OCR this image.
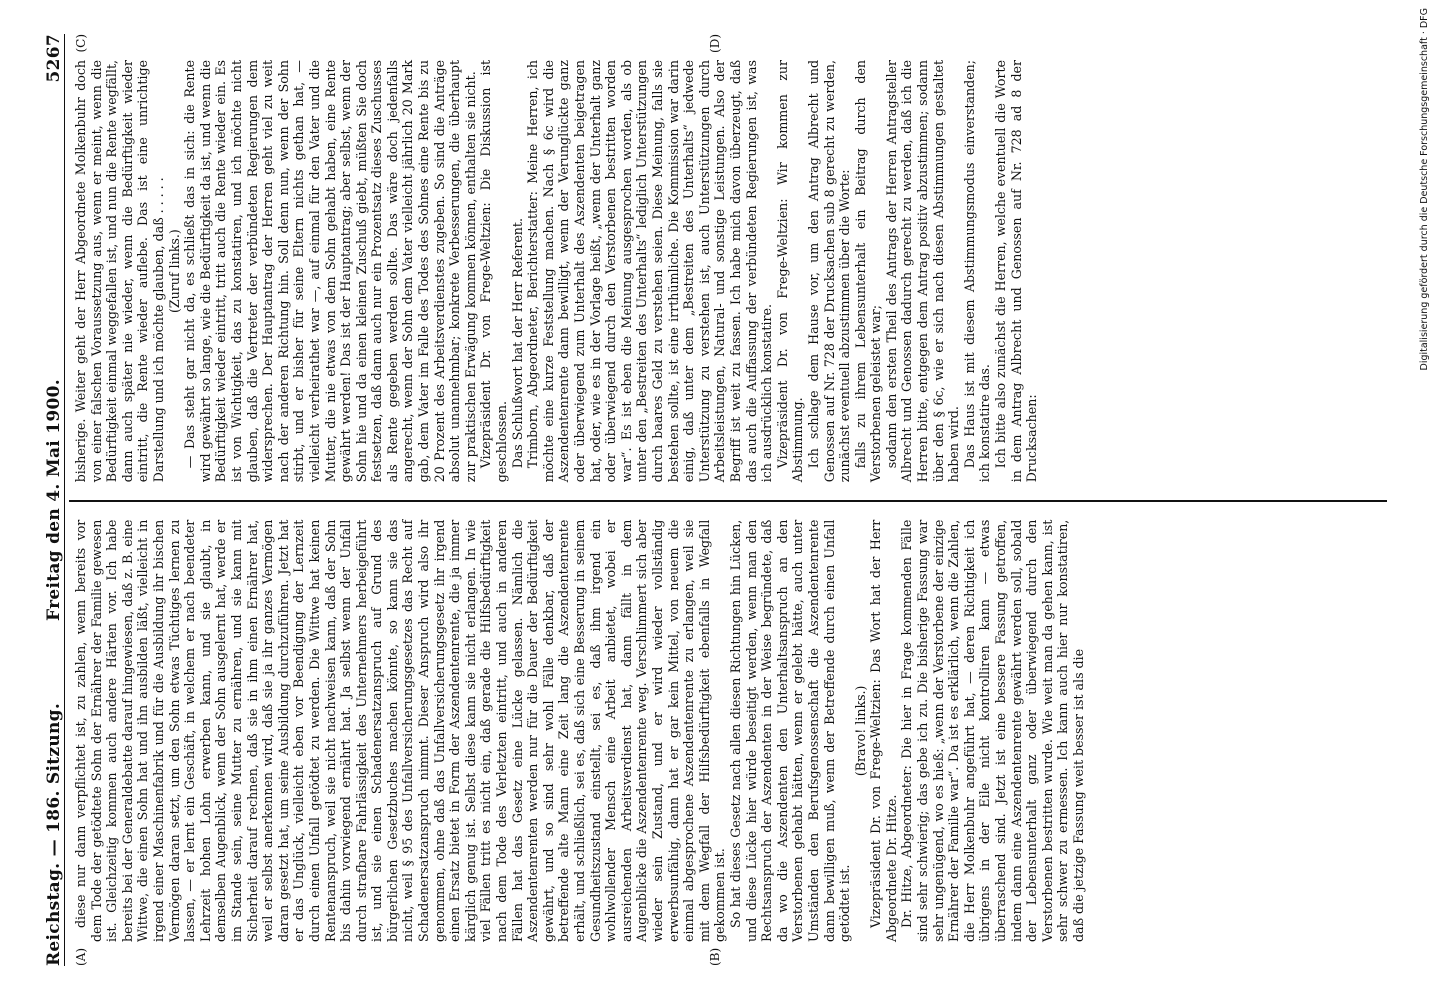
Reichstag. — 186. Sitzung.
Freitag den 4. Mai 1900.
5267
(A)	(B)

diese nur dann verpflichtet ist, zu zahlen, wenn bereits vor dem Tode der getödtete Sohn der Ernährer der Familie gewesen ist. Gleichzeitig kommen auch andere Härten vor. Ich habe bereits bei der Generaldebatte darauf hingewiesen, daß z. B. eine Wittwe, die einen Sohn hat und ihn ausbilden läßt, vielleicht in irgend einer Maschinenfabrik und für die Ausbildung ihr bischen Vermögen daran setzt, um den Sohn etwas Tüchtiges lernen zu lassen, — er lernt ein Geschäft, in welchem er nach beendeter Lehrzeit hohen Lohn erwerben kann, und sie glaubt, in demselben Augenblick, wenn der Sohn ausgelernt hat, werde er im Stande sein, seine Mutter zu ernähren, und sie kann mit Sicherheit darauf rechnen, daß sie in ihm einen Ernährer hat, weil er selbst anerkennen wird, daß sie ja ihr ganzes Vermögen daran gesetzt hat, um seine Ausbildung durchzuführen. Jetzt hat er das Unglück, vielleicht eben vor Beendigung der Lernzeit durch einen Unfall getödtet zu werden. Die Wittwe hat keinen Rentenanspruch, weil sie nicht nachweisen kann, daß der Sohn bis dahin vorwiegend ernährt hat. Ja selbst wenn der Unfall durch strafbare Fahrlässigkeit des Unternehmers herbeigeführt ist, und sie einen Schadenersatzanspruch auf Grund des bürgerlichen Gesetzbuches machen könnte, so kann sie das nicht, weil § 95 des Unfallversicherungsgesetzes das Recht auf Schadenersatzanspruch nimmt. Dieser Anspruch wird also ihr genommen, ohne daß das Unfallversicherungsgesetz ihr irgend einen Ersatz bietet in Form der Aszendentenrente, die ja immer kärglich genug ist. Selbst diese kann sie nicht erlangen. In wie viel Fällen tritt es nicht ein, daß gerade die Hilfsbedürftigkeit nach dem Tode des Verletzten eintritt, und auch in anderen Fällen hat das Gesetz eine Lücke gelassen. Nämlich die Aszendentenrenten werden nur für die Dauer der Bedürftigkeit gewährt, und so sind sehr wohl Fälle denkbar, daß der betreffende alte Mann eine Zeit lang die Aszendentenrente erhält, und schließlich, sei es, daß sich eine Besserung in seinem Gesundheitszustand einstellt, sei es, daß ihm irgend ein wohlwollender Mensch eine Arbeit anbietet, wobei er ausreichenden Arbeitsverdienst hat, dann fällt in dem Augenblicke die Aszendentenrente weg. Verschlimmert sich aber wieder sein Zustand, und er wird wieder vollständig erwerbsunfähig, dann hat er gar kein Mittel, von neuem die einmal abgesprochene Aszendentenrente zu erlangen, weil sie mit dem Wegfall der Hilfsbedürftigkeit ebenfalls in Wegfall gekommen ist. So hat dieses Gesetz nach allen diesen Richtungen hin Lücken, und diese Lücke hier würde beseitigt werden, wenn man den Rechtsanspruch der Aszendenten in der Weise begründete, daß da wo die Aszendenten den Unterhaltsanspruch an den Verstorbenen gehabt hätten, wenn er gelebt hätte, auch unter Umständen den Berufsgenossenschaft die Aszendentenrente dann bewilligen muß, wenn der Betreffende durch einen Unfall getödtet ist.

(Bravo! links.) Vizepräsident Dr. von Frege-Weltzien: Das Wort hat der Herr Abgeordnete Dr. Hitze. Dr. Hitze, Abgeordneter: Die hier in Frage kommenden Fälle sind sehr schwierig; das gebe ich zu. Die bisherige Fassung war sehr ungenügend, wo es hieß: „wenn der Verstorbene der einzige Ernährer der Familie war“. Da ist es erklärlich, wenn die Zahlen, die Herr Molkenbuhr angeführt hat, — deren Richtigkeit ich übrigens in der Eile nicht kontrolliren kann — etwas überraschend sind. Jetzt ist eine bessere Fassung getroffen, indem dann eine Aszendentenrente gewährt werden soll, sobald der Lebensunterhalt ganz oder überwiegend durch den Verstorbenen bestritten wurde. Wie weit man da gehen kann, ist sehr schwer zu ermessen. Ich kann auch hier nur konstatiren, daß die jetzige Fassung weit besser ist als die

(C)	(D)

bisherige. Weiter geht der Herr Abgeordnete Molkenbuhr doch von einer falschen Voraussetzung aus, wenn er meint, wenn die Bedürftigkeit einmal weggefallen ist, und nun die Rente wegfällt, dann auch später nie wieder, wenn die Bedürftigkeit wieder eintritt, die Rente wieder auflebe. Das ist eine unrichtige Darstellung und ich möchte glauben, daß . . . . . (Zuruf links.) — Das steht gar nicht da, es schließt das in sich: die Rente wird gewährt so lange, wie die Bedürftigkeit da ist, und wenn die Bedürftigkeit wieder eintritt, tritt auch die Rente wieder ein. Es ist von Wichtigkeit, das zu konstatiren, und ich möchte nicht glauben, daß die Vertreter der verbündeten Regierungen dem widersprechen. Der Hauptantrag der Herren geht viel zu weit nach der anderen Richtung hin. Soll denn nun, wenn der Sohn stirbt, und er bisher für seine Eltern nichts gethan hat, — vielleicht verheirathet war —, auf einmal für den Vater und die Mutter, die nie etwas von dem Sohn gehabt haben, eine Rente gewährt werden! Das ist der Hauptantrag; aber selbst, wenn der Sohn hie und da einen kleinen Zuschuß giebt, müßten Sie doch festsetzen, daß dann auch nur ein Prozentsatz dieses Zuschusses als Rente gegeben werden sollte. Das wäre doch jedenfalls angerecht, wenn der Sohn dem Vater vielleicht jährlich 20 Mark gab, dem Vater im Falle des Todes des Sohnes eine Rente bis zu 20 Prozent des Arbeitsverdienstes zugeben. So sind die Anträge absolut unannehmbar; konkrete Verbesserungen, die überhaupt zur praktischen Erwägung kommen können, enthalten sie nicht. Vizepräsident Dr. von Frege-Weltzien: Die Diskussion ist geschlossen. Das Schlußwort hat der Herr Referent. Trimborn, Abgeordneter, Berichterstatter: Meine Herren, ich möchte eine kurze Feststellung machen. Nach § 6c wird die Aszendentenrente dann bewilligt, wenn der Verunglückte ganz oder überwiegend zum Unterhalt des Aszendenten beigetragen hat, oder, wie es in der Vorlage heißt, „wenn der Unterhalt ganz oder überwiegend durch den Verstorbenen bestritten worden war“. Es ist eben die Meinung ausgesprochen worden, als ob unter den „Bestreiten des Unterhalts“ lediglich Unterstützungen durch baares Geld zu verstehen seien. Diese Meinung, falls sie bestehen sollte, ist eine irrthümliche. Die Kommission war darin einig, daß unter dem „Bestreiten des Unterhalts“ jedwede Unterstützung zu verstehen ist, auch Unterstützungen durch Arbeitsleistungen, Natural- und sonstige Leistungen. Also der Begriff ist weit zu fassen. Ich habe mich davon überzeugt, daß das auch die Auffassung der verbündeten Regierungen ist, was ich ausdrücklich konstatire. Vizepräsident Dr. von Frege-Weltzien: Wir kommen zur Abstimmung. Ich schlage dem Hause vor, um den Antrag Albrecht und Genossen auf Nr. 728 der Drucksachen sub 8 gerecht zu werden, zunächst eventuell abzustimmen über die Worte: falls zu ihrem Lebensunterhalt ein Beitrag durch den Verstorbenen geleistet war; sodann den ersten Theil des Antrags der Herren Antragsteller Albrecht und Genossen dadurch gerecht zu werden, daß ich die Herren bitte, entgegen dem Antrag positiv abzustimmen; sodann über den § 6c, wie er sich nach diesen Abstimmungen gestaltet haben wird. Das Haus ist mit diesem Abstimmungsmodus einverstanden; ich konstatire das. Ich bitte also zunächst die Herren, welche eventuell die Worte in dem Antrag Albrecht und Genossen auf Nr. 728 ad 8 der Drucksachen:

Digitalisierung gefördert durch die Deutsche Forschungsgemeinschaft · DFG
